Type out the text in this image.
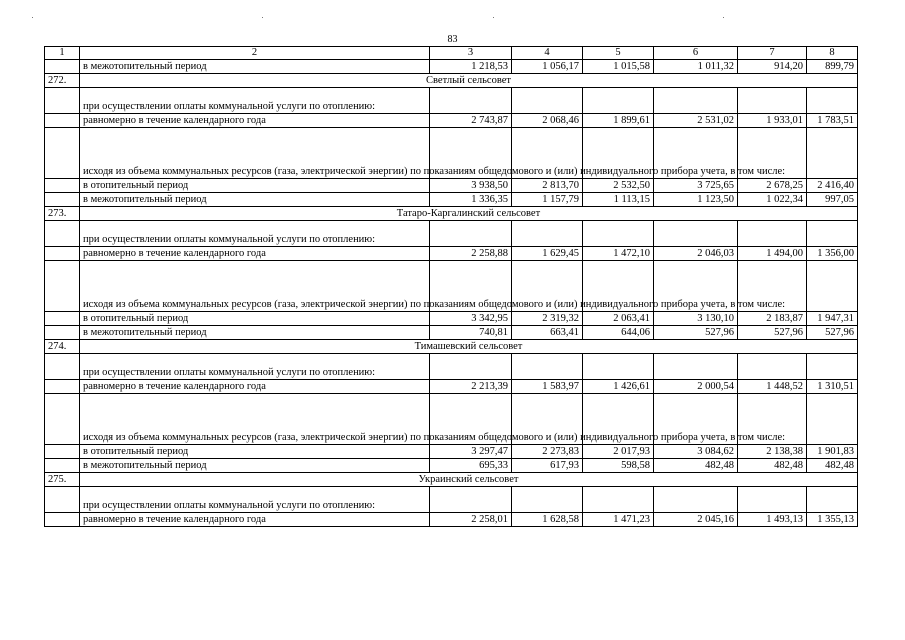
83
1	2	3	4	5	6	7	8
	в межотопительный период	1 218,53	1 056,17	1 015,58	1 011,32	914,20	899,79
272.	Светлый сельсовет						
	при осуществлении оплаты коммунальной услуги по отоплению:						
	равномерно в течение календарного года	2 743,87	2 068,46	1 899,61	2 531,02	1 933,01	1 783,51
	исходя из объема коммунальных ресурсов (газа, электрической энергии) по показаниям общедомового и (или) индивидуального прибора учета, в том числе:						
	в отопительный период	3 938,50	2 813,70	2 532,50	3 725,65	2 678,25	2 416,40
	в межотопительный период	1 336,35	1 157,79	1 113,15	1 123,50	1 022,34	997,05
273.	Татаро-Каргалинский сельсовет						
	при осуществлении оплаты коммунальной услуги по отоплению:						
	равномерно в течение календарного года	2 258,88	1 629,45	1 472,10	2 046,03	1 494,00	1 356,00
	исходя из объема коммунальных ресурсов (газа, электрической энергии) по показаниям общедомового и (или) индивидуального прибора учета, в том числе:						
	в отопительный период	3 342,95	2 319,32	2 063,41	3 130,10	2 183,87	1 947,31
	в межотопительный период	740,81	663,41	644,06	527,96	527,96	527,96
274.	Тимашевский сельсовет						
	при осуществлении оплаты коммунальной услуги по отоплению:						
	равномерно в течение календарного года	2 213,39	1 583,97	1 426,61	2 000,54	1 448,52	1 310,51
	исходя из объема коммунальных ресурсов (газа, электрической энергии) по показаниям общедомового и (или) индивидуального прибора учета, в том числе:						
	в отопительный период	3 297,47	2 273,83	2 017,93	3 084,62	2 138,38	1 901,83
	в межотопительный период	695,33	617,93	598,58	482,48	482,48	482,48
275.	Украинский сельсовет						
	при осуществлении оплаты коммунальной услуги по отоплению:						
	равномерно в течение календарного года	2 258,01	1 628,58	1 471,23	2 045,16	1 493,13	1 355,13
